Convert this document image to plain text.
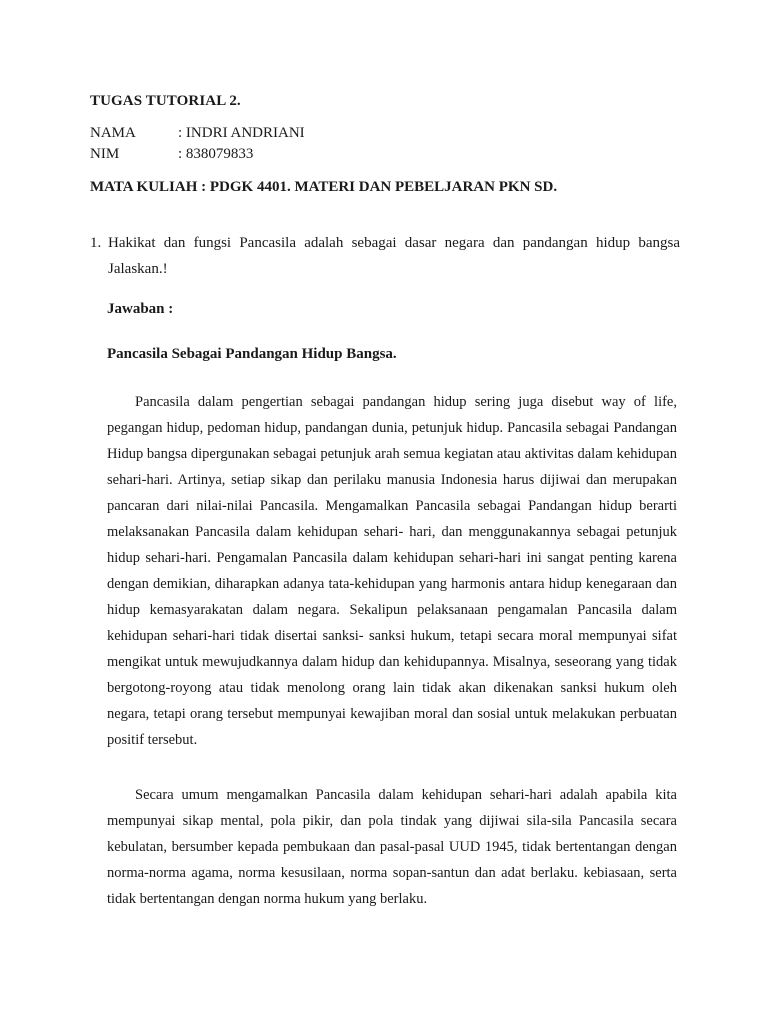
TUGAS TUTORIAL 2.
NAMA	: INDRI ANDRIANI
NIM	: 838079833
MATA KULIAH : PDGK 4401. MATERI DAN PEBELJARAN PKN SD.
1. Hakikat dan fungsi Pancasila adalah sebagai dasar negara dan pandangan hidup bangsa Jalaskan.!

Jawaban :

Pancasila Sebagai Pandangan Hidup Bangsa.

Pancasila dalam pengertian sebagai pandangan hidup sering juga disebut way of life, pegangan hidup, pedoman hidup, pandangan dunia, petunjuk hidup. Pancasila sebagai Pandangan Hidup bangsa dipergunakan sebagai petunjuk arah semua kegiatan atau aktivitas dalam kehidupan sehari-hari. Artinya, setiap sikap dan perilaku manusia Indonesia harus dijiwai dan merupakan pancaran dari nilai-nilai Pancasila. Mengamalkan Pancasila sebagai Pandangan hidup berarti melaksanakan Pancasila dalam kehidupan sehari- hari, dan menggunakannya sebagai petunjuk hidup sehari-hari. Pengamalan Pancasila dalam kehidupan sehari-hari ini sangat penting karena dengan demikian, diharapkan adanya tata-kehidupan yang harmonis antara hidup kenegaraan dan hidup kemasyarakatan dalam negara. Sekalipun pelaksanaan pengamalan Pancasila dalam kehidupan sehari-hari tidak disertai sanksi- sanksi hukum, tetapi secara moral mempunyai sifat mengikat untuk mewujudkannya dalam hidup dan kehidupannya. Misalnya, seseorang yang tidak bergotong-royong atau tidak menolong orang lain tidak akan dikenakan sanksi hukum oleh negara, tetapi orang tersebut mempunyai kewajiban moral dan sosial untuk melakukan perbuatan positif tersebut.

Secara umum mengamalkan Pancasila dalam kehidupan sehari-hari adalah apabila kita mempunyai sikap mental, pola pikir, dan pola tindak yang dijiwai sila-sila Pancasila secara kebulatan, bersumber kepada pembukaan dan pasal-pasal UUD 1945, tidak bertentangan dengan norma-norma agama, norma kesusilaan, norma sopan-santun dan adat berlaku. kebiasaan, serta tidak bertentangan dengan norma hukum yang berlaku.
